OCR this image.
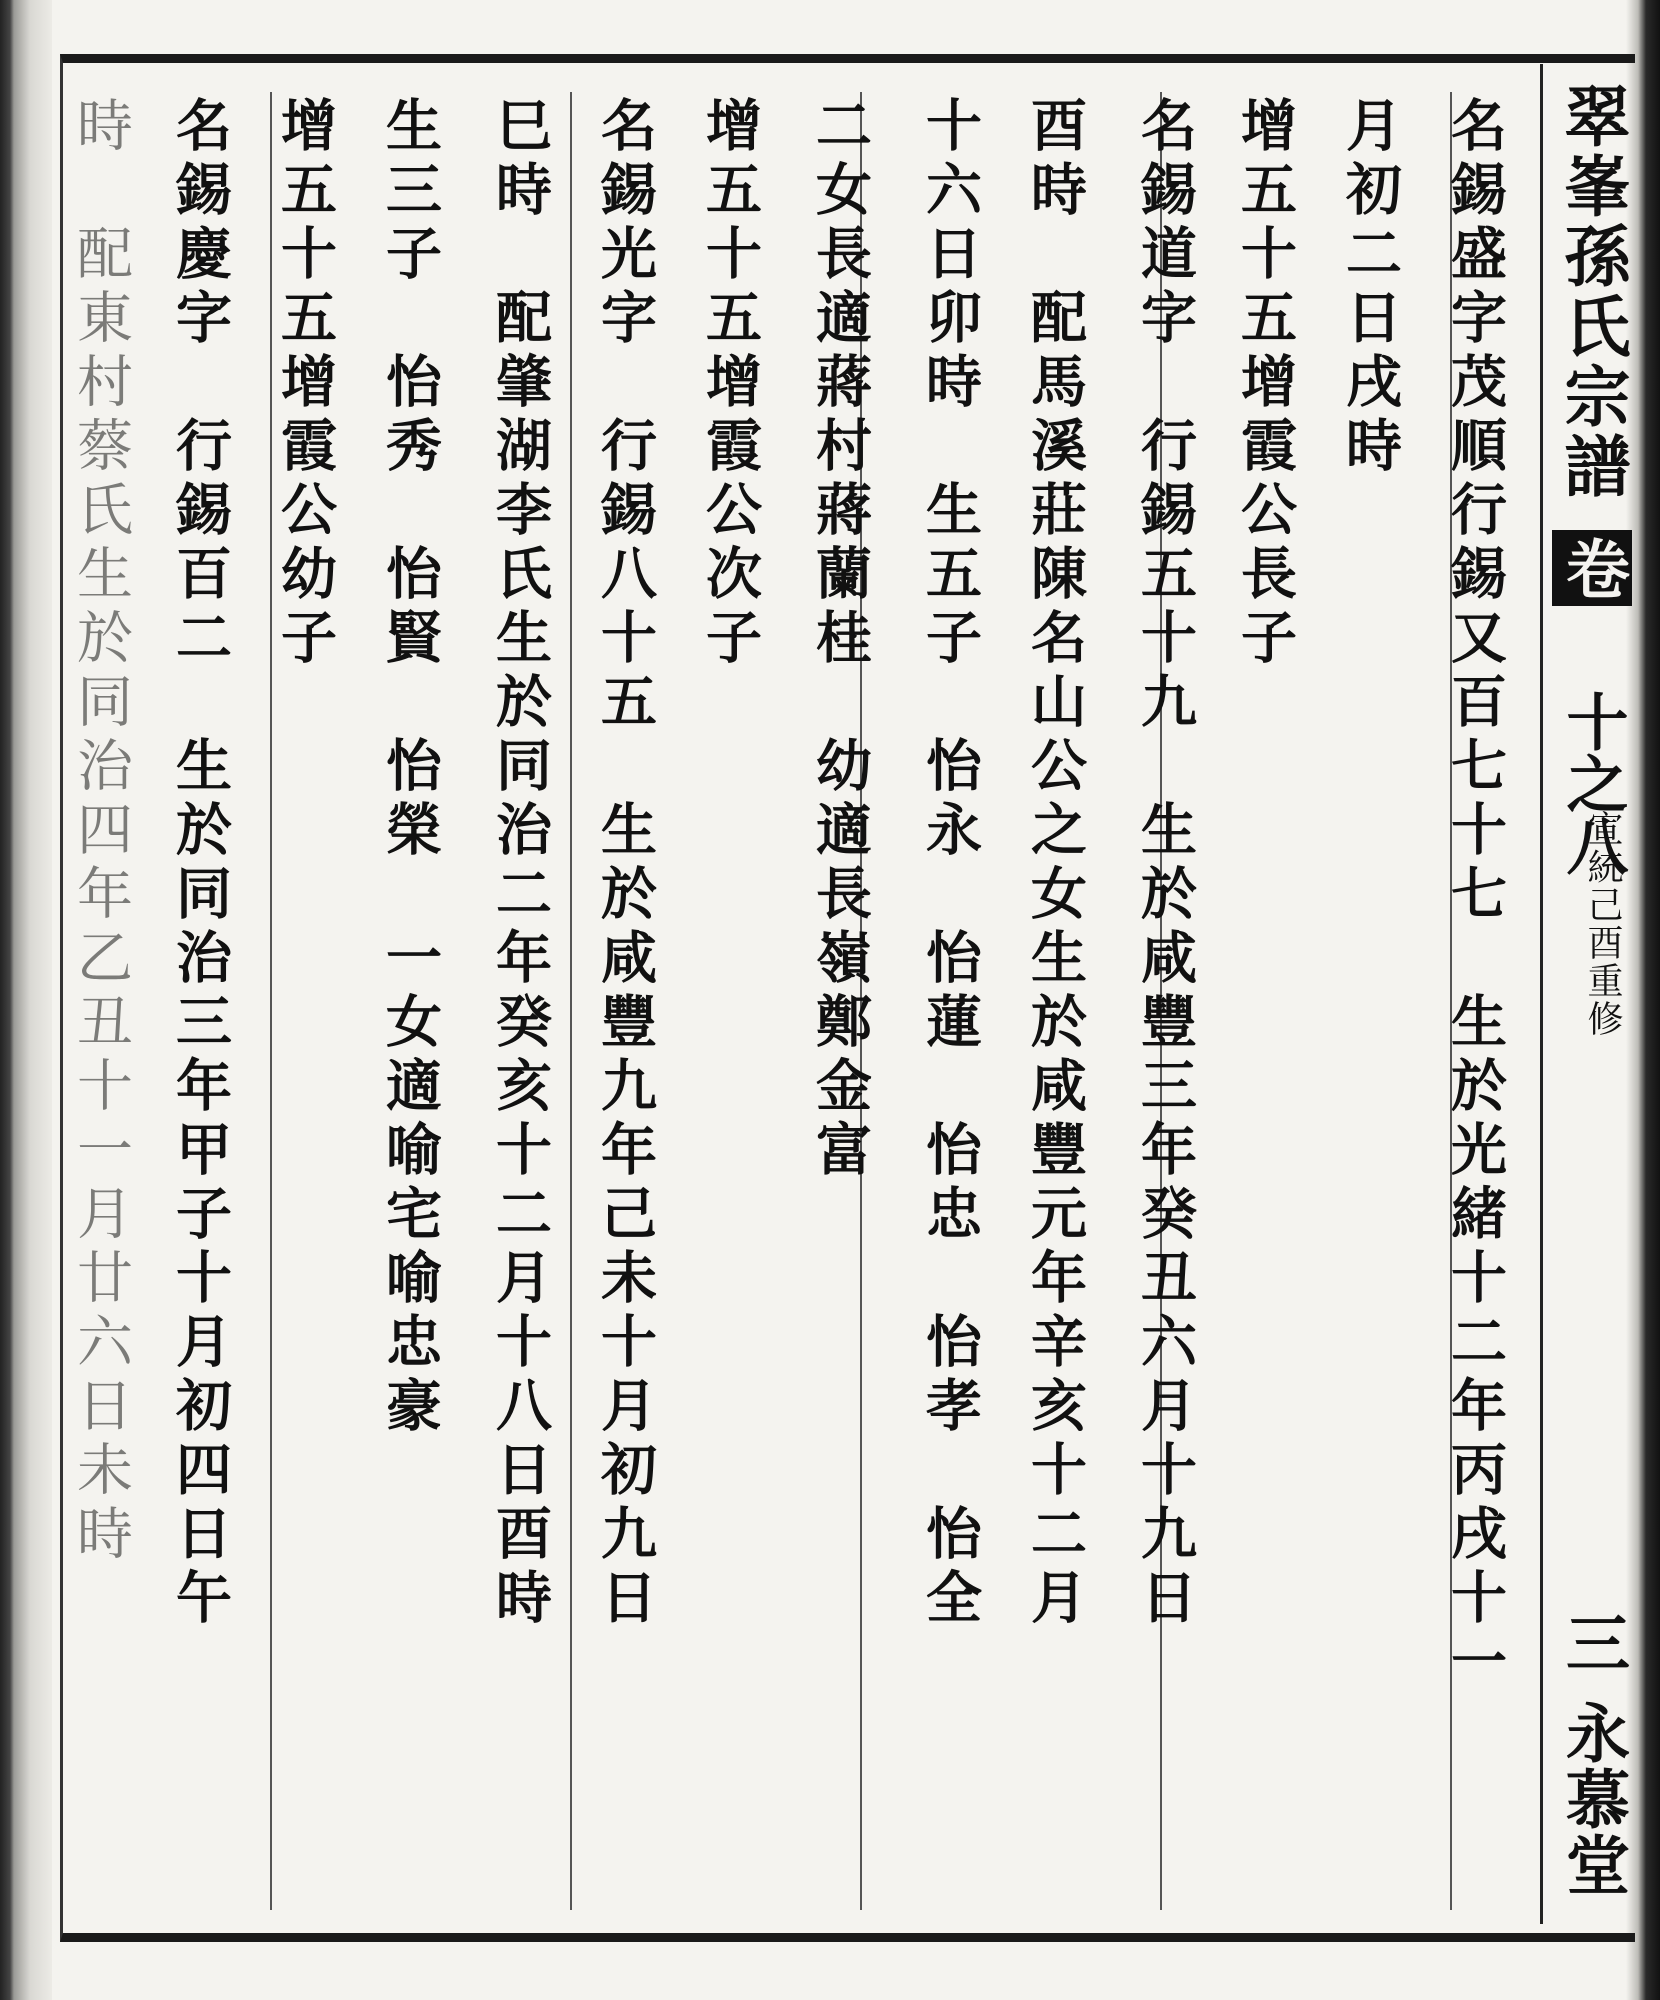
翠峯孫氏宗譜
卷
十之八
宣統己酉重修
三
永慕堂
名錫盛字茂順行錫又百七十七　生於光緒十二年丙戌十一
月初二日戌時
增五十五增霞公長子
名錫道字　行錫五十九　生於咸豐三年癸丑六月十九日
酉時　配馬溪莊陳名山公之女生於咸豐元年辛亥十二月
十六日卯時　生五子　怡永　怡蓮　怡忠　怡孝　怡全
二女長適蔣村蔣蘭桂　幼適長嶺鄭金富
增五十五增霞公次子
名錫光字　行錫八十五　生於咸豐九年己未十月初九日
巳時　配肇湖李氏生於同治二年癸亥十二月十八日酉時
生三子　怡秀　怡賢　怡榮　一女適喻宅喻忠豪
增五十五增霞公幼子
名錫慶字　行錫百二　生於同治三年甲子十月初四日午
時　配東村蔡氏生於同治四年乙丑十一月廿六日未時
